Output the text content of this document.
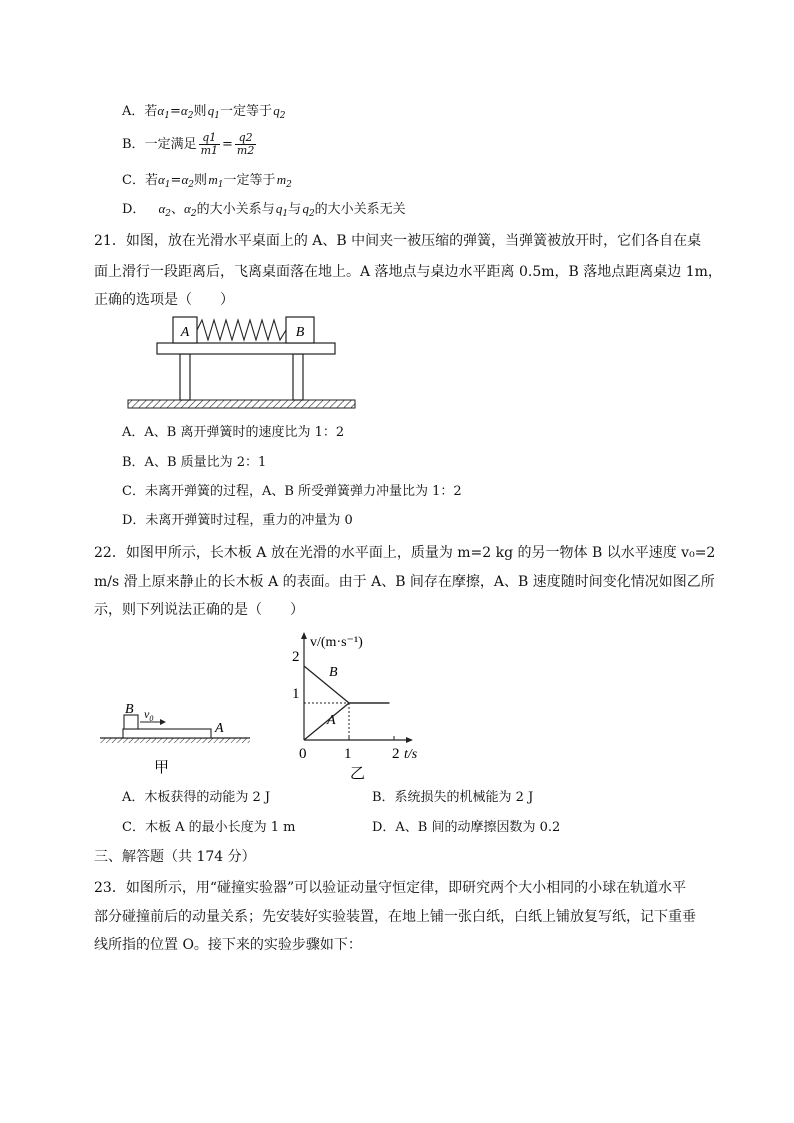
A．若$\alpha_1=\alpha_2$则 $q_1$一定等于 $q_2$
B．一定满足 $\frac{q1}{m1} = \frac{q2}{m2}$
C．若$\alpha_1=\alpha_2$则 $m_1$一定等于 $m_2$
D．  $\alpha_2$、$\alpha_2$的大小关系与 $q_1$与 $q_2$的大小关系无关
21．如图，放在光滑水平桌面上的 A、B 中间夹一被压缩的弹簧，当弹簧被放开时，它们各自在桌
面上滑行一段距离后，飞离桌面落在地上。A 落地点与桌边水平距离 0.5m，B 落地点距离桌边 1m，
正确的选项是（　　）
A	B
A．A、B 离开弹簧时的速度比为 1：2
B．A、B 质量比为 2：1
C．未离开弹簧的过程，A、B 所受弹簧弹力冲量比为 1：2
D．未离开弹簧时过程，重力的冲量为 0
22．如图甲所示，长木板 A 放在光滑的水平面上，质量为 m=2 kg 的另一物体 B 以水平速度 v₀=2
m/s 滑上原来静止的长木板 A 的表面。由于 A、B 间存在摩擦，A、B 速度随时间变化情况如图乙所
示，则下列说法正确的是（　　）
B $v_0$
A
甲
v/(m·s⁻¹)
t/s
2
1
0	1	2
B
A
乙
A．木板获得的动能为 2 J	B．系统损失的机械能为 2 J
C．木板 A 的最小长度为 1 m	D．A、B 间的动摩擦因数为 0.2
三、解答题（共 174 分）
23．如图所示，用“碰撞实验器”可以验证动量守恒定律，即研究两个大小相同的小球在轨道水平
部分碰撞前后的动量关系；先安装好实验装置，在地上铺一张白纸，白纸上铺放复写纸，记下重垂
线所指的位置 O。接下来的实验步骤如下：
